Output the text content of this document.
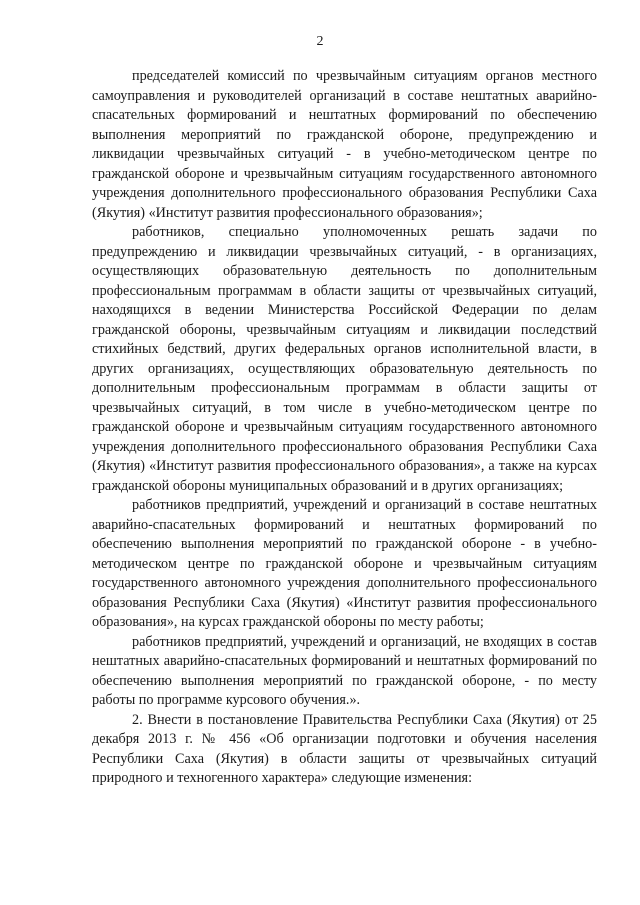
2

председателей комиссий по чрезвычайным ситуациям органов местного самоуправления и руководителей организаций в составе нештатных аварийно-спасательных формирований и нештатных формирований по обеспечению выполнения мероприятий по гражданской обороне, предупреждению и ликвидации чрезвычайных ситуаций - в учебно-методическом центре по гражданской обороне и чрезвычайным ситуациям государственного автономного учреждения дополнительного профессионального образования Республики Саха (Якутия) «Институт развития профессионального образования»;

работников, специально уполномоченных решать задачи по предупреждению и ликвидации чрезвычайных ситуаций, - в организациях, осуществляющих образовательную деятельность по дополнительным профессиональным программам в области защиты от чрезвычайных ситуаций, находящихся в ведении Министерства Российской Федерации по делам гражданской обороны, чрезвычайным ситуациям и ликвидации последствий стихийных бедствий, других федеральных органов исполнительной власти, в других организациях, осуществляющих образовательную деятельность по дополнительным профессиональным программам в области защиты от чрезвычайных ситуаций, в том числе в учебно-методическом центре по гражданской обороне и чрезвычайным ситуациям государственного автономного учреждения дополнительного профессионального образования Республики Саха (Якутия) «Институт развития профессионального образования», а также на курсах гражданской обороны муниципальных образований и в других организациях;

работников предприятий, учреждений и организаций в составе нештатных аварийно-спасательных формирований и нештатных формирований по обеспечению выполнения мероприятий по гражданской обороне - в учебно-методическом центре по гражданской обороне и чрезвычайным ситуациям государственного автономного учреждения дополнительного профессионального образования Республики Саха (Якутия) «Институт развития профессионального образования», на курсах гражданской обороны по месту работы;

работников предприятий, учреждений и организаций, не входящих в состав нештатных аварийно-спасательных формирований и нештатных формирований по обеспечению выполнения мероприятий по гражданской обороне, - по месту работы по программе курсового обучения.».

2. Внести в постановление Правительства Республики Саха (Якутия) от 25 декабря 2013 г. № 456 «Об организации подготовки и обучения населения Республики Саха (Якутия) в области защиты от чрезвычайных ситуаций природного и техногенного характера» следующие изменения:
